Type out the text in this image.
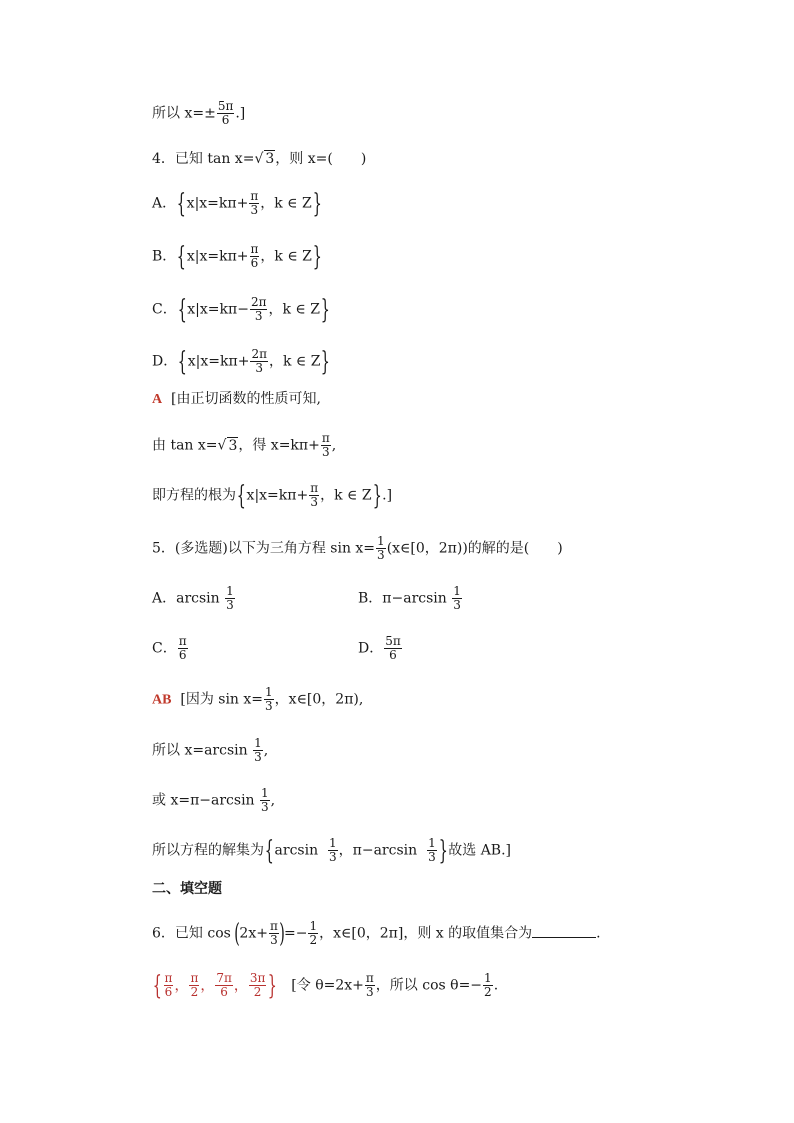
所以 $x=\pm \frac{5\pi}{6}$ .]
4．已知 tan x=√ 3，则 x=(　　)
A．{$x|x=k\pi+ \frac{\pi}{3}$ ，k ∈ Z}
B．{$x|x=k\pi+ \frac{\pi}{6}$ ，k ∈ Z}
C．{$x|x=k\pi- \frac{2\pi}{3}$ ，k ∈ Z}
D．{$x|x=k\pi+ \frac{2\pi}{3}$ ，k ∈ Z}
A [由正切函数的性质可知,
由 tan x=√ 3，得 $x=k\pi+ \frac{\pi}{3}$ ,
即方程的根为{$x|x=k\pi+ \frac{\pi}{3}$ ，k ∈ Z}.]
5．(多选题)以下为三角方程 $\sin x= \frac{1}{3}$ (x∈[0，2π))的解的是(　　)
A．$\arcsin \frac{1}{3}$	B．$\pi-\arcsin \frac{1}{3}$
C． $\frac{\pi}{6}$	D． $\frac{5\pi}{6}$
AB [因为 $\sin x= \frac{1}{3}$ ，x∈[0，2π),
所以 $x=\arcsin \frac{1}{3}$ ,
或 $x=\pi-\arcsin \frac{1}{3}$ ,
所以方程的解集为{$\arcsin \frac{1}{3}$ ，$\pi-\arcsin \frac{1}{3}$ }故选 AB.]
二、填空题
6．已知 $\cos (2x+ \frac{\pi}{3}$ )=− $\frac{1}{2}$ ，x∈[0，2π]，则 x 的取值集合为	.
{ $\frac{\pi}{6}$ ， $\frac{\pi}{2}$ ， $\frac{7\pi}{6}$ ， $\frac{3\pi}{2}$ } [令 $\theta=2x+ \frac{\pi}{3}$ ，所以 $\cos \theta=- \frac{1}{2}$ .
